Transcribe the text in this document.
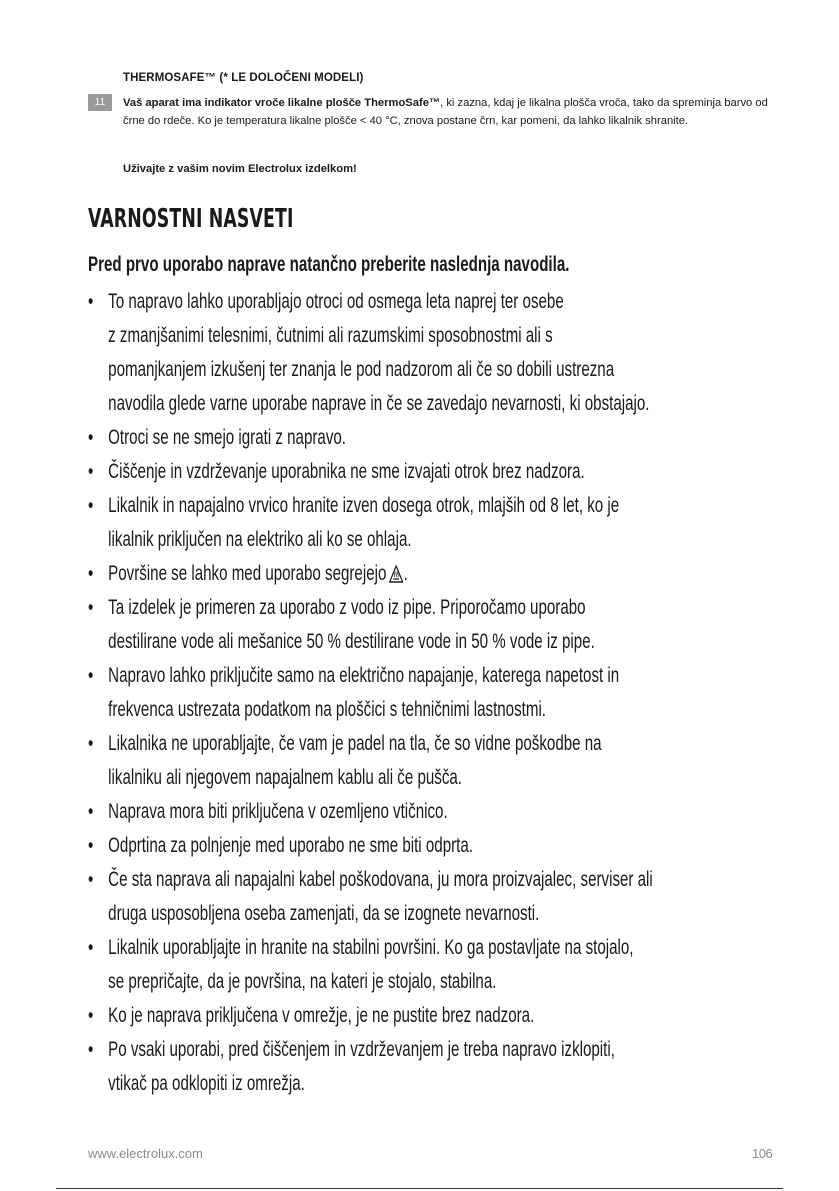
THERMOSAFE™ (* LE DOLOČENI MODELI)
11	Vaš aparat ima indikator vroče likalne plošče ThermoSafe™, ki zazna, kdaj je likalna plošča vroča, tako da spreminja barvo od črne do rdeče. Ko je temperatura likalne plošče < 40 °C, znova postane črn, kar pomeni, da lahko likalnik shranite.

Uživajte z vašim novim Electrolux izdelkom!

VARNOSTNI NASVETI

Pred prvo uporabo naprave natančno preberite naslednja navodila.

• To napravo lahko uporabljajo otroci od osmega leta naprej ter osebe
z zmanjšanimi telesnimi, čutnimi ali razumskimi sposobnostmi ali s
pomanjkanjem izkušenj ter znanja le pod nadzorom ali če so dobili ustrezna
navodila glede varne uporabe naprave in če se zavedajo nevarnosti, ki obstajajo.
• Otroci se ne smejo igrati z napravo.
• Čiščenje in vzdrževanje uporabnika ne sme izvajati otrok brez nadzora.
• Likalnik in napajalno vrvico hranite izven dosega otrok, mlajših od 8 let, ko je
likalnik priključen na elektriko ali ko se ohlaja.
• Površine se lahko med uporabo segrejejo .
• Ta izdelek je primeren za uporabo z vodo iz pipe. Priporočamo uporabo
destilirane vode ali mešanice 50 % destilirane vode in 50 % vode iz pipe.
• Napravo lahko priključite samo na električno napajanje, katerega napetost in
frekvenca ustrezata podatkom na ploščici s tehničnimi lastnostmi.
• Likalnika ne uporabljajte, če vam je padel na tla, če so vidne poškodbe na
likalniku ali njegovem napajalnem kablu ali če pušča.
• Naprava mora biti priključena v ozemljeno vtičnico.
• Odprtina za polnjenje med uporabo ne sme biti odprta.
• Če sta naprava ali napajalni kabel poškodovana, ju mora proizvajalec, serviser ali
druga usposobljena oseba zamenjati, da se izognete nevarnosti.
• Likalnik uporabljajte in hranite na stabilni površini. Ko ga postavljate na stojalo,
se prepričajte, da je površina, na kateri je stojalo, stabilna.
• Ko je naprava priključena v omrežje, je ne pustite brez nadzora.
• Po vsaki uporabi, pred čiščenjem in vzdrževanjem je treba napravo izklopiti,
vtikač pa odklopiti iz omrežja.
www.electrolux.com	106
